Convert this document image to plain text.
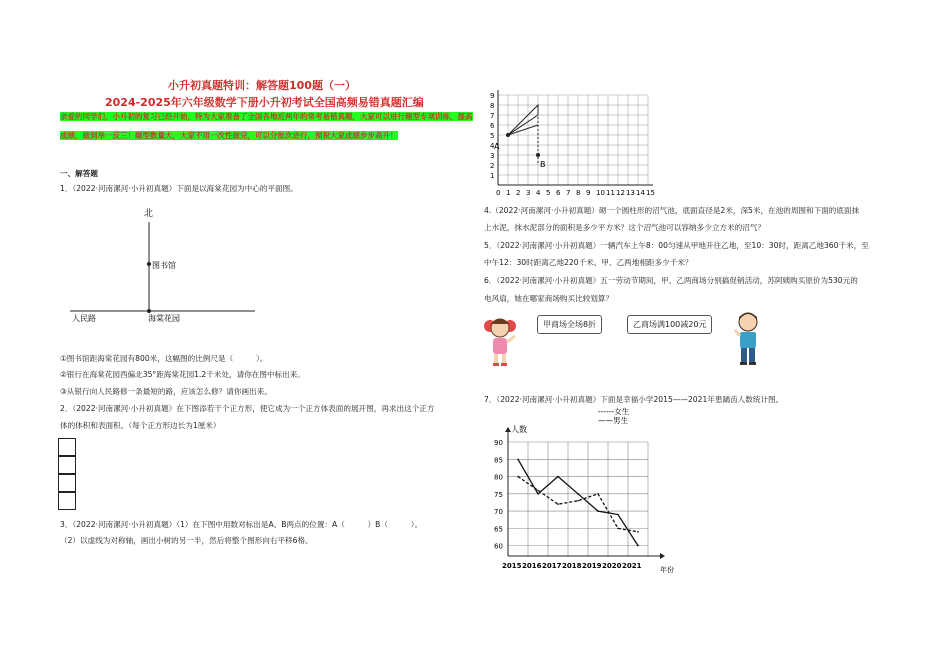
小升初真题特训：解答题100题（一）
2024-2025年六年级数学下册小升初考试全国高频易错真题汇编
亲爱的同学们，小升初的复习已经开始，特为大家准备了全国各地近两年的常考易错真题，大家可以进行题型专项训练，提高成绩，做到举一反三！题型数量大，大家不用一次性做完，可以分批次进行，预祝大家成绩步步高升！
一、解答题
1．（2022·河南漯河·小升初真题）下面是以海棠花园为中心的平面图。
北
图书馆
人民路	海棠花园
①图书馆距海棠花园有800米，这幅图的比例尺是（　　　）。
②银行在海棠花园西偏北35°距海棠花园1.2千米处，请你在图中标出来。
③从银行向人民路修一条最短的路，应该怎么修？请你画出来。
2．（2022·河南漯河·小升初真题）在下图添若干个正方形，使它成为一个正方体表面的展开图，再求出这个正方
体的体积和表面积。（每个正方形边长为1厘米）
3．（2022·河南漯河·小升初真题）（1）在下图中用数对标出是A、B两点的位置：A（　　　）B（　　　）。
（2）以虚线为对称轴，画出小树的另一半，然后将整个图形向右平移6格。
0 1 2 3 4 5 6 7 8 9 10 11 12 13 14 15
1
2
3
4
5
6
7
8
9
A
B
4.（2022·河南漯河·小升初真题）砌一个圆柱形的沼气池，底面直径是2米，深5米，在池的周围和下面的底面抹
上水泥，抹水泥部分的面积是多少平方米？这个沼气池可以容纳多少立方米的沼气？
5．（2022·河南漯河·小升初真题）一辆汽车上午8：00匀速从甲地开往乙地，至10：30时，距离乙地360千米，至
中午12：30时距离乙地220千米。甲、乙两地相距多少千米？
6．（2022·河南漯河·小升初真题）五一劳动节期间，甲、乙两商场分别搞促销活动，苏阿姨购买原价为530元的
电风扇，她在哪家商场购买比较划算？
甲商场全场8折	乙商场满100减20元
7．（2022·河南漯河·小升初真题）下面是幸福小学2015——2021年患龋齿人数统计图。
60
65
70
75
80
85
90
人数
年份
2015 2016 2017 2018 2019 2020 2021
------女生
——男生
